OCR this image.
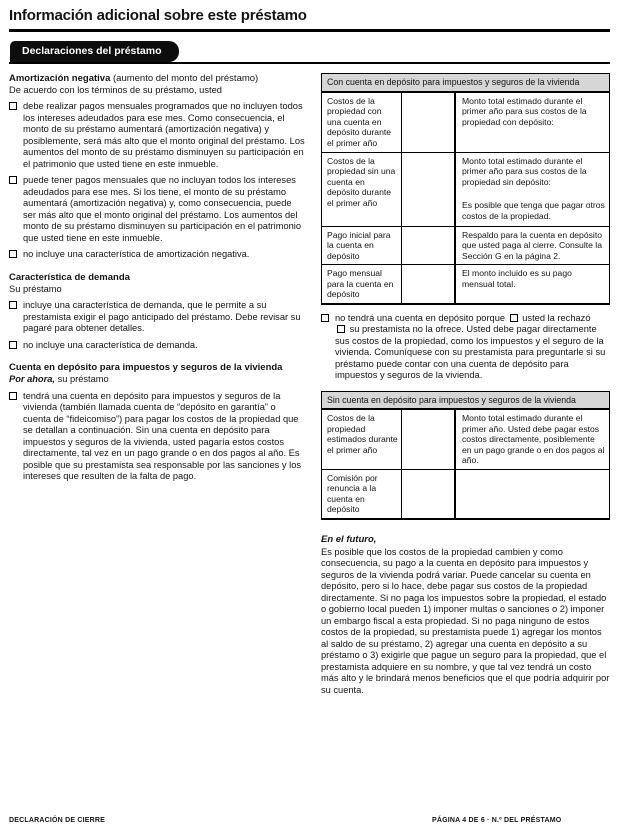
Información adicional sobre este préstamo
Declaraciones del préstamo
Amortización negativa (aumento del monto del préstamo)
De acuerdo con los términos de su préstamo, usted
debe realizar pagos mensuales programados que no incluyen todos los intereses adeudados para ese mes. Como consecuencia, el monto de su préstamo aumentará (amortización negativa) y posiblemente, será más alto que el monto original del préstamo. Los aumentos del monto de su préstamo disminuyen su participación en el patrimonio que usted tiene en este inmueble.
puede tener pagos mensuales que no incluyan todos los intereses adeudados para ese mes. Si los tiene, el monto de su préstamo aumentará (amortización negativa) y, como consecuencia, puede ser más alto que el monto original del préstamo. Los aumentos del monto de su préstamo disminuyen su participación en el patrimonio que usted tiene en este inmueble.
no incluye una característica de amortización negativa.
Característica de demanda
Su préstamo
incluye una característica de demanda, que le permite a su prestamista exigir el pago anticipado del préstamo. Debe revisar su pagaré para obtener detalles.
no incluye una característica de demanda.
Cuenta en depósito para impuestos y seguros de la vivienda
Por ahora, su préstamo
tendrá una cuenta en depósito para impuestos y seguros de la vivienda (también llamada cuenta de “depósito en garantía” o cuenta de “fideicomiso”) para pagar los costos de la propiedad que se detallan a continuación. Sin una cuenta en depósito para impuestos y seguros de la vivienda, usted pagaría estos costos directamente, tal vez en un pago grande o en dos pagos al año. Es posible que su prestamista sea responsable por las sanciones y los intereses que resulten de la falta de pago.
Con cuenta en depósito para impuestos y seguros de la vivienda
Costos de la propiedad con una cuenta en depósito durante el primer año
Monto total estimado durante el primer año para sus costos de la propiedad con depósito:
Costos de la propiedad sin una cuenta en depósito durante el primer año
Monto total estimado durante el primer año para sus costos de la propiedad sin depósito:
Es posible que tenga que pagar otros costos de la propiedad.
Pago inicial para la cuenta en depósito
Respaldo para la cuenta en depósito que usted paga al cierre. Consulte la Sección G en la página 2.
Pago mensual para la cuenta en depósito
El monto incluido es su pago mensual total.
no tendrá una cuenta en depósito porque usted la rechazó
su prestamista no la ofrece. Usted debe pagar directamente sus costos de la propiedad, como los impuestos y el seguro de la vivienda. Comuníquese con su prestamista para preguntarle si su préstamo puede contar con una cuenta de depósito para impuestos y seguros de la vivienda.
Sin cuenta en depósito para impuestos y seguros de la vivienda
Costos de la propiedad estimados durante el primer año
Monto total estimado durante el primer año. Usted debe pagar estos costos directamente, posiblemente en un pago grande o en dos pagos al año.
Comisión por renuncia a la cuenta en depósito
En el futuro,
Es posible que los costos de la propiedad cambien y como consecuencia, su pago a la cuenta en depósito para impuestos y seguros de la vivienda podrá variar. Puede cancelar su cuenta en depósito, pero si lo hace, debe pagar sus costos de la propiedad directamente. Si no paga los impuestos sobre la propiedad, el estado o gobierno local pueden 1) imponer multas o sanciones o 2) imponer un embargo fiscal a esta propiedad. Si no paga ninguno de estos costos de la propiedad, su prestamista puede 1) agregar los montos al saldo de su préstamo, 2) agregar una cuenta en depósito a su préstamo o 3) exigirle que pague un seguro para la propiedad, que el prestamista adquiere en su nombre, y que tal vez tendrá un costo más alto y le brindará menos beneficios que el que podría adquirir por su cuenta.
DECLARACIÓN DE CIERRE	PÁGINA 4 DE 6 · N.º DEL PRÉSTAMO
